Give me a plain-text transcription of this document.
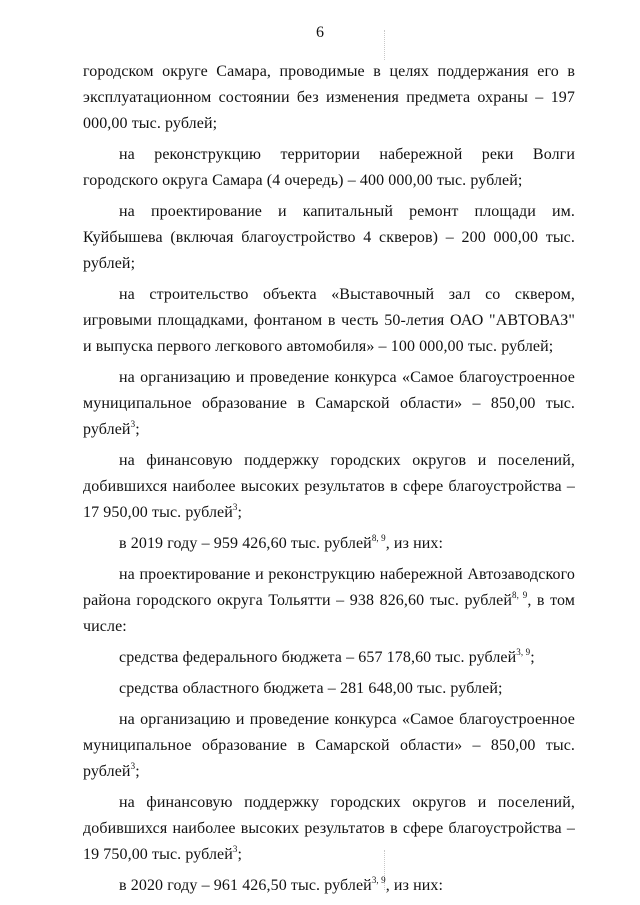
6

городском округе Самара, проводимые в целях поддержания его в эксплуатационном состоянии без изменения предмета охраны – 197 000,00 тыс. рублей;

на реконструкцию территории набережной реки Волги городского округа Самара (4 очередь) – 400 000,00 тыс. рублей;

на проектирование и капитальный ремонт площади им. Куйбышева (включая благоустройство 4 скверов) – 200 000,00 тыс. рублей;

на строительство объекта «Выставочный зал со сквером, игровыми площадками, фонтаном в честь 50-летия ОАО "АВТОВАЗ" и выпуска первого легкового автомобиля» – 100 000,00 тыс. рублей;

на организацию и проведение конкурса «Самое благоустроенное муниципальное образование в Самарской области» – 850,00 тыс. рублей$^3$;

на финансовую поддержку городских округов и поселений, добившихся наиболее высоких результатов в сфере благоустройства – 17 950,00 тыс. рублей$^3$;

в 2019 году – 959 426,60 тыс. рублей$^{8, 9}$, из них:

на проектирование и реконструкцию набережной Автозаводского района городского округа Тольятти – 938 826,60 тыс. рублей$^{8, 9}$, в том числе:

средства федерального бюджета – 657 178,60 тыс. рублей$^{3, 9}$;

средства областного бюджета – 281 648,00 тыс. рублей;

на организацию и проведение конкурса «Самое благоустроенное муниципальное образование в Самарской области» – 850,00 тыс. рублей$^3$;

на финансовую поддержку городских округов и поселений, добившихся наиболее высоких результатов в сфере благоустройства – 19 750,00 тыс. рублей$^3$;

в 2020 году – 961 426,50 тыс. рублей$^{3, 9}$, из них:
